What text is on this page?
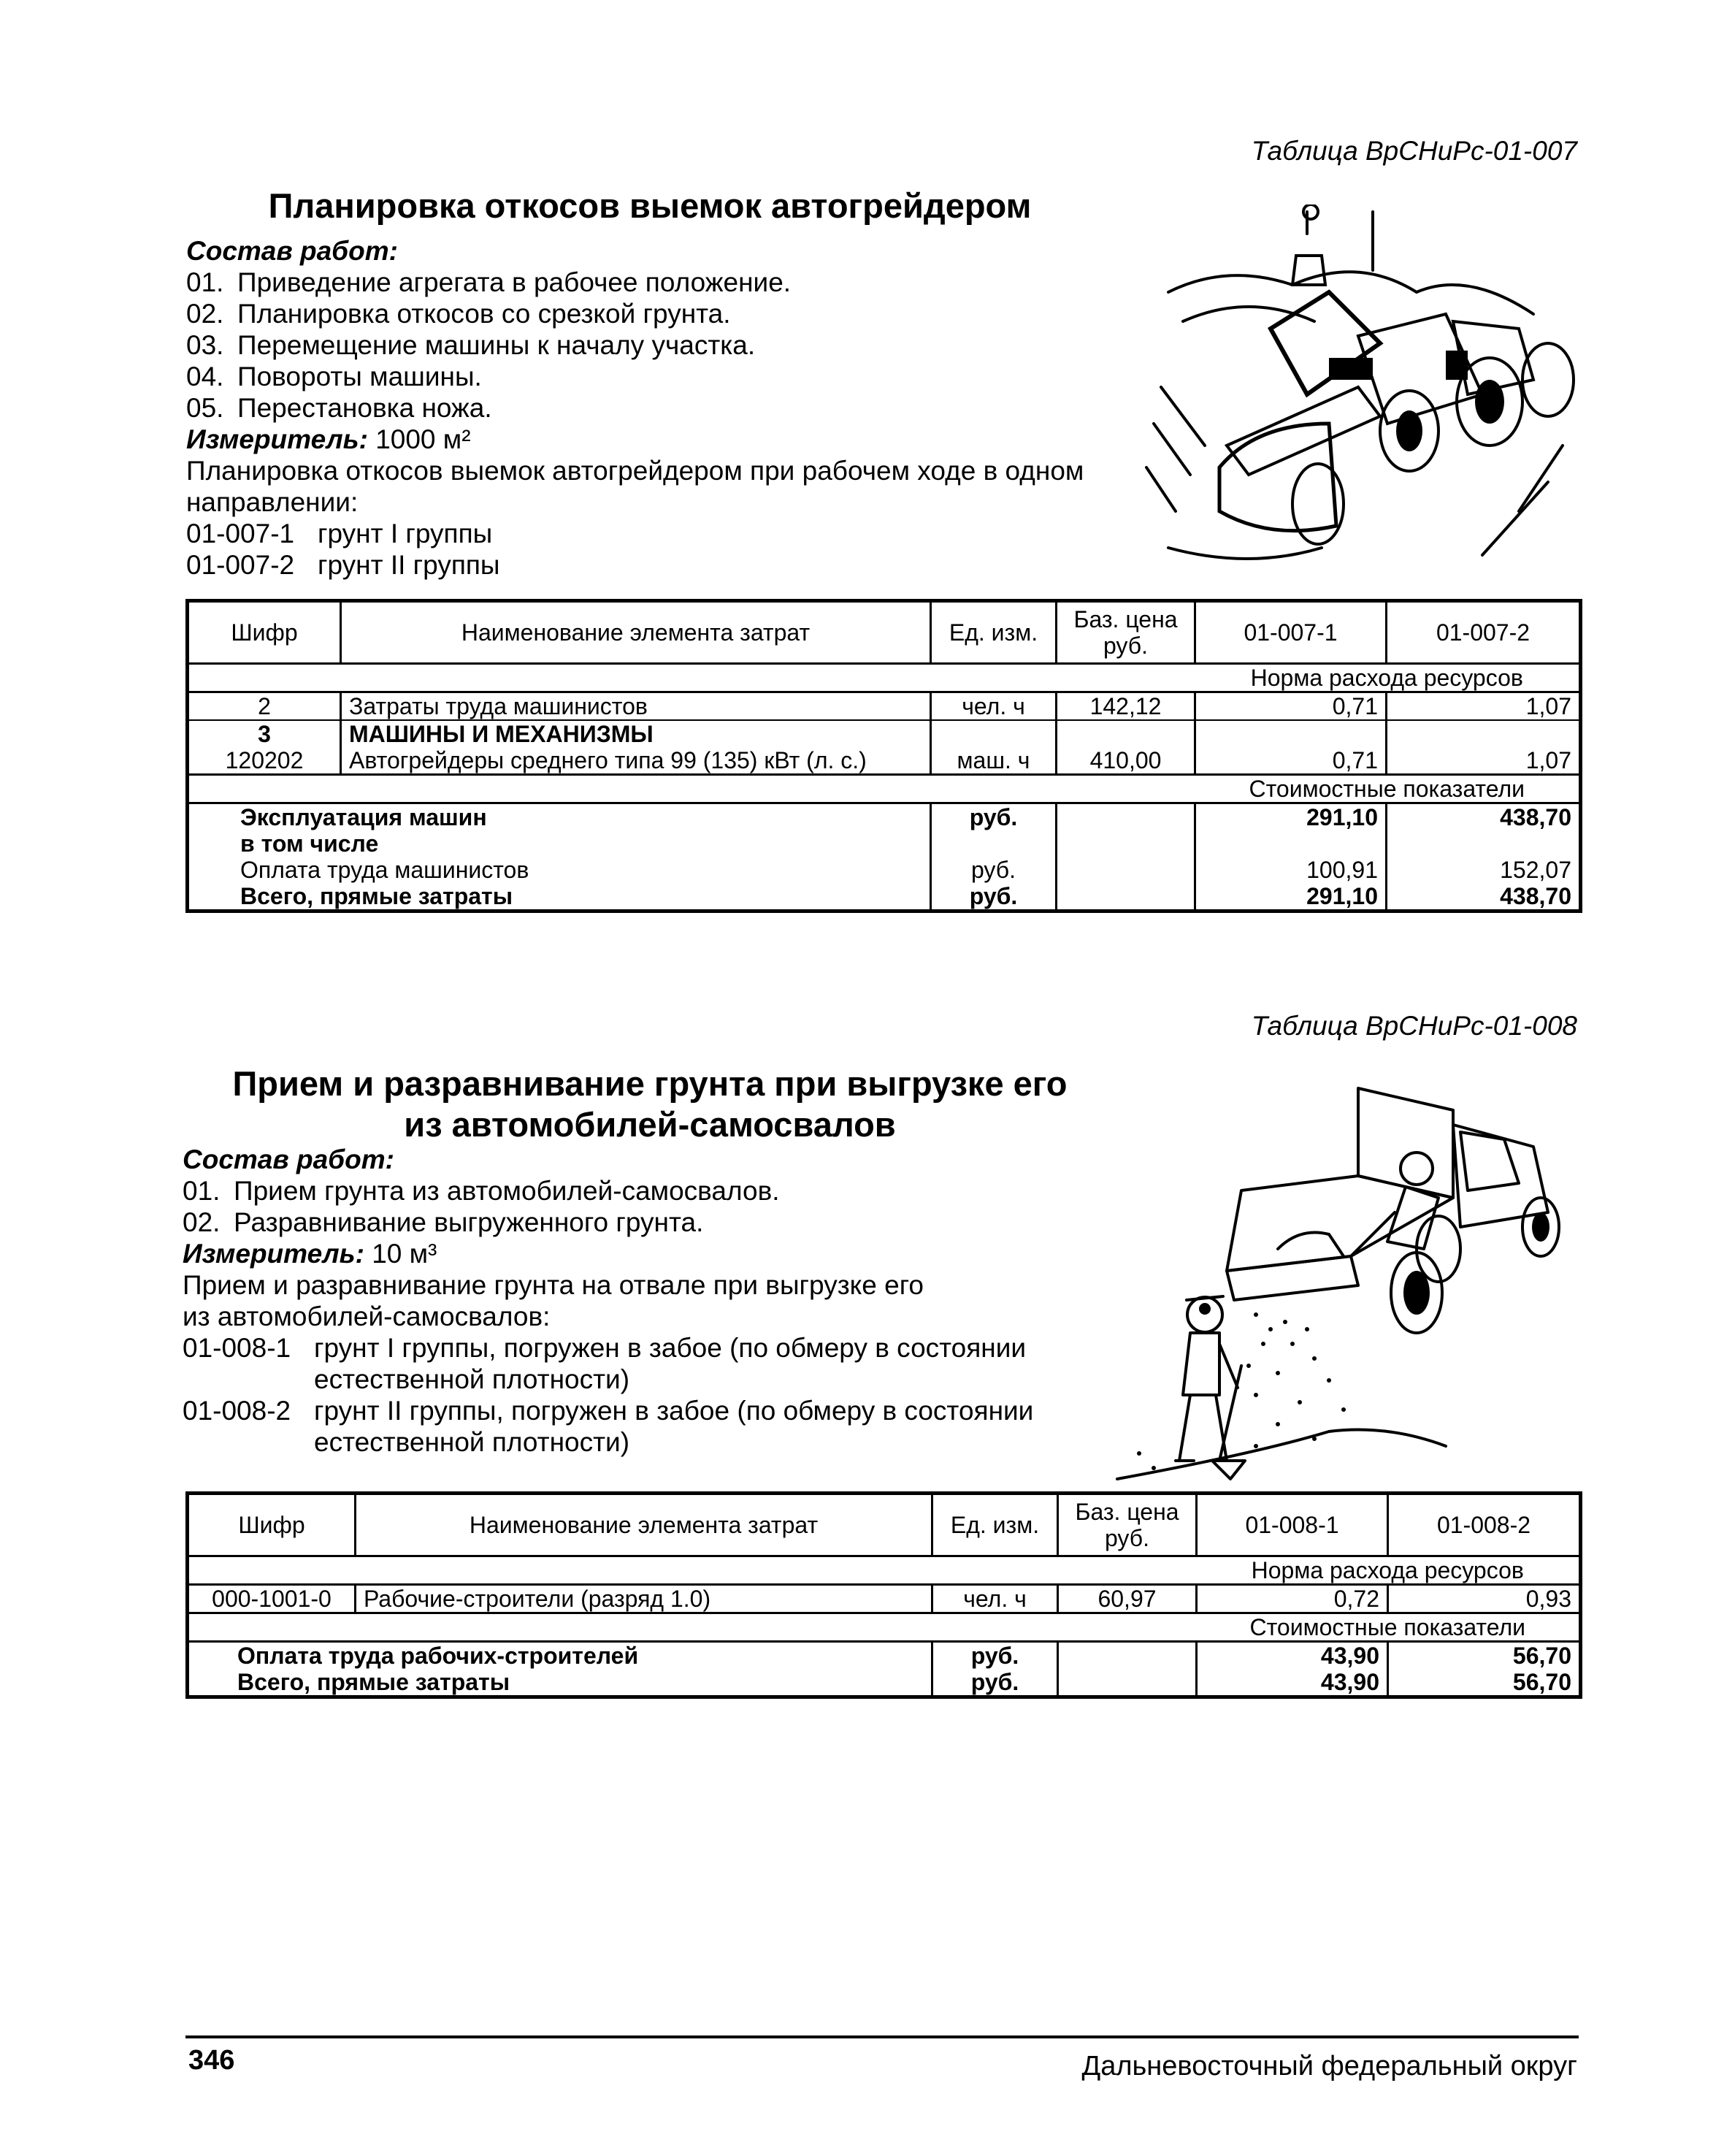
Таблица ВрСНиРс-01-007
Планировка откосов выемок автогрейдером
Состав работ:
01. Приведение агрегата в рабочее положение.
02. Планировка откосов со срезкой грунта.
03. Перемещение машины к началу участка.
04. Повороты машины.
05. Перестановка ножа.
Измеритель: 1000 м²
Планировка откосов выемок автогрейдером при рабочем ходе в одном направлении:
01-007-1 грунт I группы
01-007-2 грунт II группы
Шифр	Наименование элемента затрат	Ед. изм.	Баз. цена руб.	01-007-1	01-007-2
				Норма расхода ресурсов	
2	Затраты труда машинистов	чел. ч	142,12	0,71	1,07
3	МАШИНЫ И МЕХАНИЗМЫ				
120202	Автогрейдеры среднего типа 99 (135) кВт (л. с.)	маш. ч	410,00	0,71	1,07
				Стоимостные показатели	
Эксплуатация машин		руб.		291,10	438,70
в том числе					
Оплата труда машинистов		руб.		100,91	152,07
Всего, прямые затраты		руб.		291,10	438,70
Таблица ВрСНиРс-01-008
Прием и разравнивание грунта при выгрузке его
из автомобилей-самосвалов
Состав работ:
01. Прием грунта из автомобилей-самосвалов.
02. Разравнивание выгруженного грунта.
Измеритель: 10 м³
Прием и разравнивание грунта на отвале при выгрузке его
из автомобилей-самосвалов:
01-008-1 грунт I группы, погружен в забое (по обмеру в состоянии
естественной плотности)
01-008-2 грунт II группы, погружен в забое (по обмеру в состоянии
естественной плотности)
Шифр	Наименование элемента затрат	Ед. изм.	Баз. цена руб.	01-008-1	01-008-2
				Норма расхода ресурсов	
000-1001-0	Рабочие-строители (разряд 1.0)	чел. ч	60,97	0,72	0,93
				Стоимостные показатели	
Оплата труда рабочих-строителей		руб.		43,90	56,70
Всего, прямые затраты		руб.		43,90	56,70
346	Дальневосточный федеральный округ
